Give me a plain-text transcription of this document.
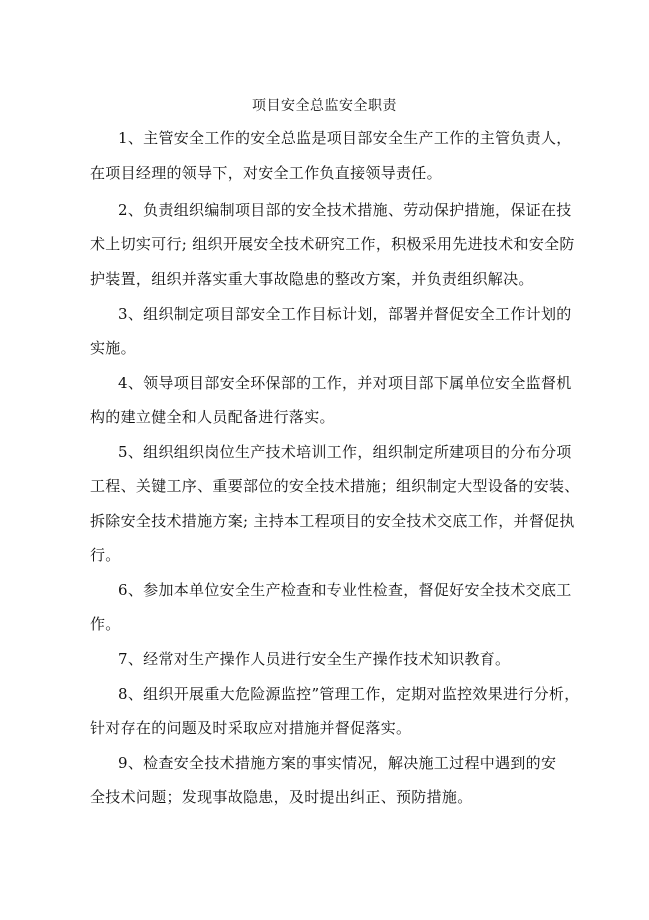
项目安全总监安全职责
1、主管安全工作的安全总监是项目部安全生产工作的主管负责人，
在项目经理的领导下，对安全工作负直接领导责任。
2、负责组织编制项目部的安全技术措施、劳动保护措施，保证在技
术上切实可行; 组织开展安全技术研究工作，积极采用先进技术和安全防
护装置，组织并落实重大事故隐患的整改方案，并负责组织解决。
3、组织制定项目部安全工作目标计划，部署并督促安全工作计划的
实施。
4、领导项目部安全环保部的工作，并对项目部下属单位安全监督机
构的建立健全和人员配备进行落实。
5、组织组织岗位生产技术培训工作，组织制定所建项目的分布分项
工程、关键工序、重要部位的安全技术措施；组织制定大型设备的安装、
拆除安全技术措施方案; 主持本工程项目的安全技术交底工作，并督促执
行。
6、参加本单位安全生产检查和专业性检查，督促好安全技术交底工
作。
7、经常对生产操作人员进行安全生产操作技术知识教育。
8、组织开展重大危险源监控”管理工作，定期对监控效果进行分析，
针对存在的问题及时采取应对措施并督促落实。
9、检查安全技术措施方案的事实情况，解决施工过程中遇到的安
全技术问题；发现事故隐患，及时提出纠正、预防措施。
